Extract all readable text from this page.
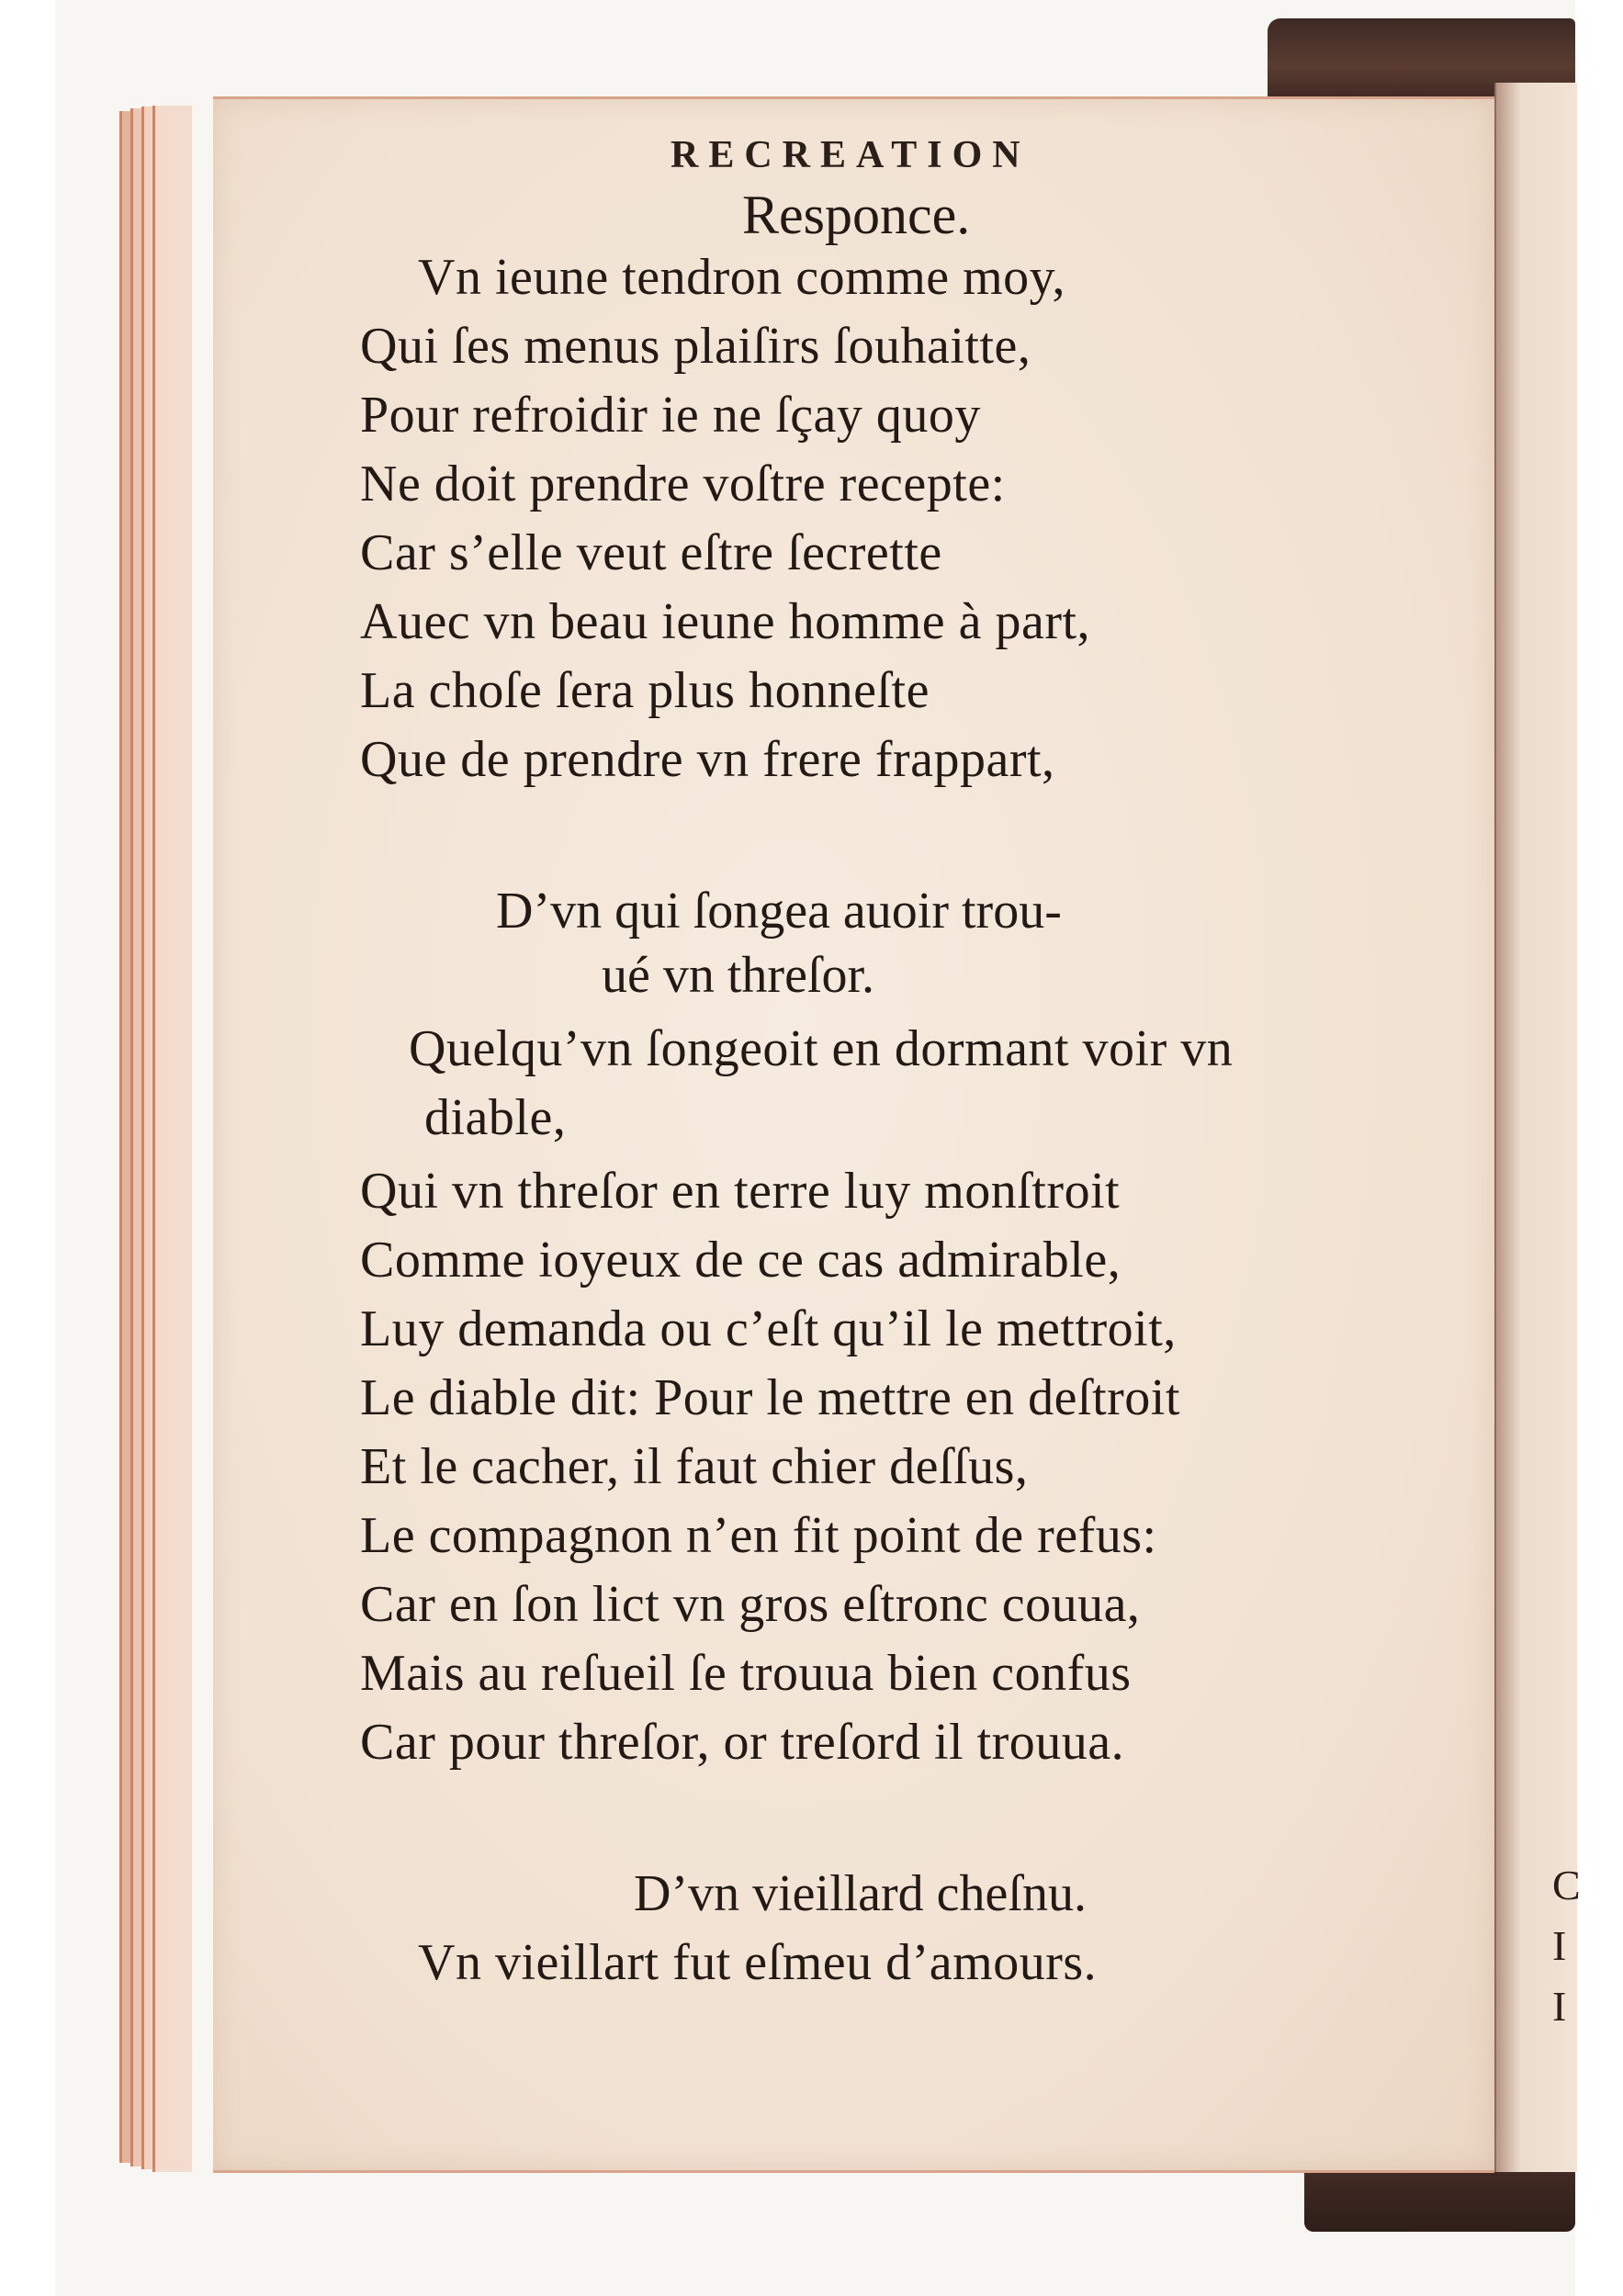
C
I
I
RECREATION
Responce.
Vn ieune tendron comme moy,
Qui ſes menus plaiſirs ſouhaitte,
Pour refroidir ie ne ſçay quoy
Ne doit prendre voſtre recepte:
Car s’elle veut eſtre ſecrette
Auec vn beau ieune homme à part,
La choſe ſera plus honneſte
Que de prendre vn frere frappart,
D’vn qui ſongea auoir trou-
ué vn threſor.
Quelqu’vn ſongeoit en dormant voir vn
diable,
Qui vn threſor en terre luy monſtroit
Comme ioyeux de ce cas admirable,
Luy demanda ou c’eſt qu’il le mettroit,
Le diable dit: Pour le mettre en deſtroit
Et le cacher, il faut chier deſſus,
Le compagnon n’en fit point de refus:
Car en ſon lict vn gros eſtronc couua,
Mais au reſueil ſe trouua bien confus
Car pour threſor, or treſord il trouua.
D’vn vieillard cheſnu.
Vn vieillart fut eſmeu d’amours.
